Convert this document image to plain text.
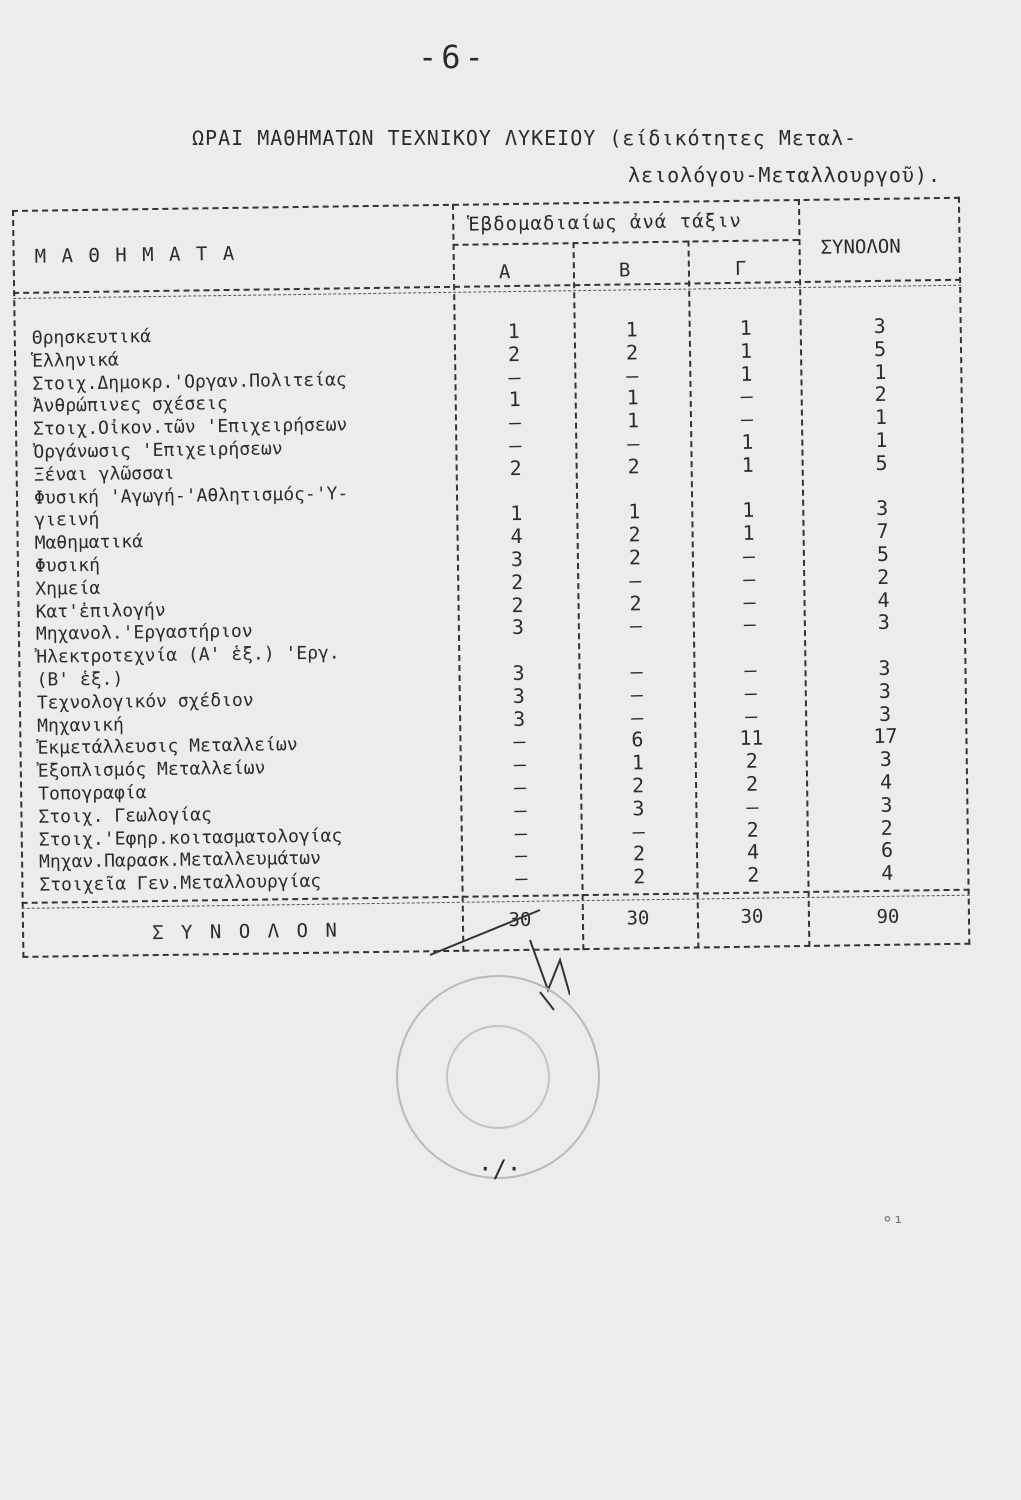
-6-
ΩΡΑΙ ΜΑΘΗΜΑΤΩΝ ΤΕΧΝΙΚΟΥ ΛΥΚΕΙΟΥ (είδικότητες Μεταλ-
λειολόγου-Μεταλλουργοῦ).
Μ Α Θ Η Μ Α Τ Α
Ἑβδομαδιαίως ἀνά τάξιν
ΣΥΝΟΛΟΝ
Α	Β	Γ
Θρησκευτικά	1	1	1	3
Ἑλληνικά	2	2	1	5
Στοιχ.Δημοκρ.'Οργαν.Πολιτείας	–	–	1	1
Ἀνθρώπινες σχέσεις	1	1	–	2
Στοιχ.Οἰκον.τῶν 'Επιχειρήσεων	–	1	–	1
Ὀργάνωσις 'Επιχειρήσεων	–	–	1	1
Ξέναι γλῶσσαι	2	2	1	5
Φυσική 'Αγωγή-'Αθλητισμός-'Υ-
γιεινή	1	1	1	3
Μαθηματικά	4	2	1	7
Φυσική	3	2	–	5
Χημεία	2	–	–	2
Κατ'ἐπιλογήν	2	2	–	4
Μηχανολ.'Εργαστήριον	3	–	–	3
Ἠλεκτροτεχνία (Α' ἑξ.) 'Εργ.
(Β' ἑξ.)	3	–	–	3
Τεχνολογικόν σχέδιον	3	–	–	3
Μηχανική	3	–	–	3
Ἐκμετάλλευσις Μεταλλείων	–	6	11	17
Ἐξοπλισμός Μεταλλείων	–	1	2	3
Τοπογραφία	–	2	2	4
Στοιχ. Γεωλογίας	–	3	–	3
Στοιχ.'Εφηρ.κοιτασματολογίας	–	–	2	2
Μηχαν.Παρασκ.Μεταλλευμάτων	–	2	4	6
Στοιχεῖα Γεν.Μεταλλουργίας	–	2	2	4
Σ Υ Ν Ο Λ Ο Ν	30	30	30	90
·/·
°¹
